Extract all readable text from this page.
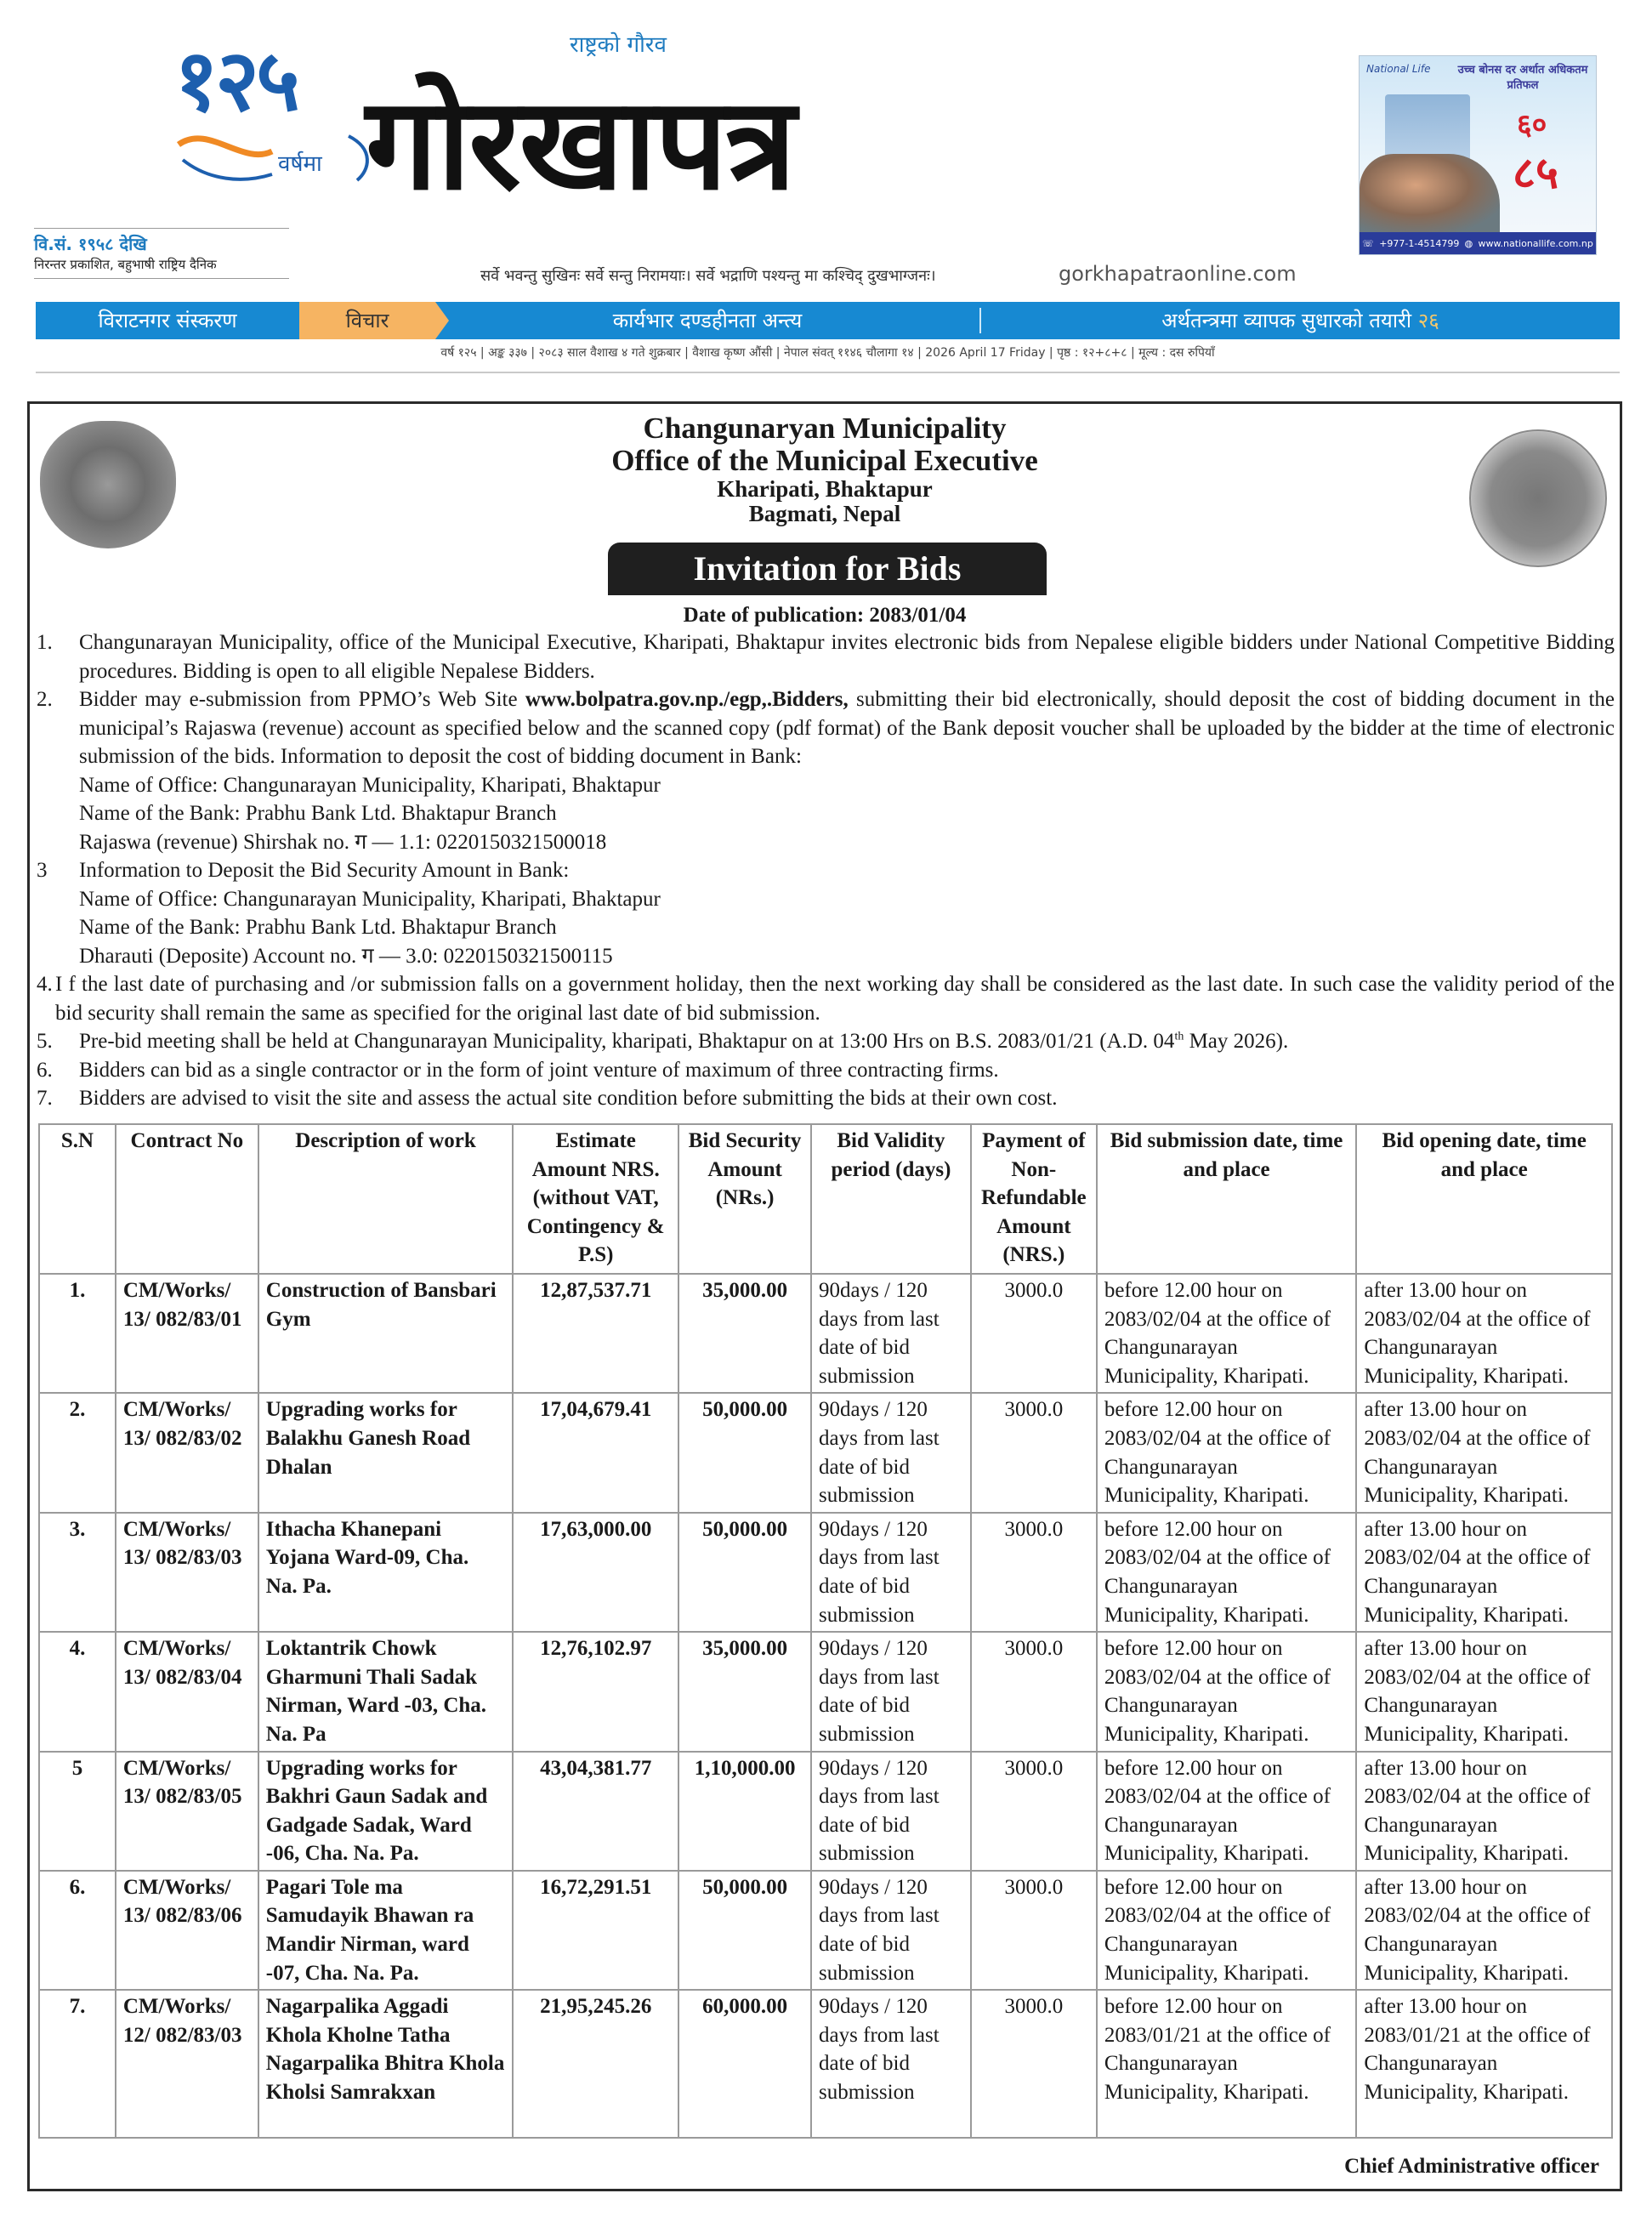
१२५
वर्षमा
वि.सं. १९५८ देखि
निरन्तर प्रकाशित, बहुभाषी राष्ट्रिय दैनिक
राष्ट्रको गौरव
गोरखापत्र
सर्वे भवन्तु सुखिनः सर्वे सन्तु निरामयाः। सर्वे भद्राणि पश्यन्तु मा कश्चिद् दुखभाग्जनः।	gorkhapatraonline.com
National Life	उच्च बोनस दर अर्थात अधिकतम प्रतिफल
६०
८५
☏ +977-1-4514799 ◍ www.nationallife.com.np
विराटनगर संस्करण	विचार	कार्यभार दण्डहीनता अन्त्य	अर्थतन्त्रमा व्यापक सुधारको तयारी २६
वर्ष १२५ | अङ्क ३३७ | २०८३ साल वैशाख ४ गते शुक्रबार | वैशाख कृष्ण औंसी | नेपाल संवत् ११४६ चौलागा १४ | 2026 April 17 Friday | पृष्ठ : १२+८+८ | मूल्य : दस रुपियाँ
Changunaryan Municipality
Office of the Municipal Executive
Kharipati, Bhaktapur
Bagmati, Nepal
Invitation for Bids
Date of publication: 2083/01/04
1.	Changunarayan Municipality, office of the Municipal Executive, Kharipati, Bhaktapur invites electronic bids from Nepalese eligible bidders under National Competitive Bidding procedures. Bidding is open to all eligible Nepalese Bidders.
2.	Bidder may e-submission from PPMO’s Web Site www.bolpatra.gov.np./egp,.Bidders, submitting their bid electronically, should deposit the cost of bidding document in the municipal’s Rajaswa (revenue) account as specified below and the scanned copy (pdf format) of the Bank deposit voucher shall be uploaded by the bidder at the time of electronic submission of the bids. Information to deposit the cost of bidding document in Bank:
Name of Office: Changunarayan Municipality, Kharipati, Bhaktapur
Name of the Bank: Prabhu Bank Ltd. Bhaktapur Branch
Rajaswa (revenue) Shirshak no. ग — 1.1: 0220150321500018
3	Information to Deposit the Bid Security Amount in Bank:
Name of Office: Changunarayan Municipality, Kharipati, Bhaktapur
Name of the Bank: Prabhu Bank Ltd. Bhaktapur Branch
Dharauti (Deposite) Account no. ग — 3.0: 0220150321500115
4. I f the last date of purchasing and /or submission falls on a government holiday, then the next working day shall be considered as the last date. In such case the validity period of the bid security shall remain the same as specified for the original last date of bid submission.
5.	Pre-bid meeting shall be held at Changunarayan Municipality, kharipati, Bhaktapur on at 13:00 Hrs on B.S. 2083/01/21 (A.D. 04th May 2026).
6.	Bidders can bid as a single contractor or in the form of joint venture of maximum of three contracting firms.
7.	Bidders are advised to visit the site and assess the actual site condition before submitting the bids at their own cost.
S.N	Contract No	Description of work	Estimate Amount NRS. (without VAT, Contingency & P.S)	Bid Security Amount (NRs.)	Bid Validity period (days)	Payment of Non-Refundable Amount (NRS.)	Bid submission date, time and place	Bid opening date, time and place
1.	CM/Works/ 13/ 082/83/01	Construction of Bansbari Gym	12,87,537.71	35,000.00	90days / 120 days from last date of bid submission	3000.0	before 12.00 hour on 2083/02/04 at the office of Changunarayan Municipality, Kharipati.	after 13.00 hour on 2083/02/04 at the office of Changunarayan Municipality, Kharipati.
2.	CM/Works/ 13/ 082/83/02	Upgrading works for Balakhu Ganesh Road Dhalan	17,04,679.41	50,000.00	90days / 120 days from last date of bid submission	3000.0	before 12.00 hour on 2083/02/04 at the office of Changunarayan Municipality, Kharipati.	after 13.00 hour on 2083/02/04 at the office of Changunarayan Municipality, Kharipati.
3.	CM/Works/ 13/ 082/83/03	Ithacha Khanepani Yojana Ward-09, Cha. Na. Pa.	17,63,000.00	50,000.00	90days / 120 days from last date of bid submission	3000.0	before 12.00 hour on 2083/02/04 at the office of Changunarayan Municipality, Kharipati.	after 13.00 hour on 2083/02/04 at the office of Changunarayan Municipality, Kharipati.
4.	CM/Works/ 13/ 082/83/04	Loktantrik Chowk Gharmuni Thali Sadak Nirman, Ward -03, Cha. Na. Pa	12,76,102.97	35,000.00	90days / 120 days from last date of bid submission	3000.0	before 12.00 hour on 2083/02/04 at the office of Changunarayan Municipality, Kharipati.	after 13.00 hour on 2083/02/04 at the office of Changunarayan Municipality, Kharipati.
5	CM/Works/ 13/ 082/83/05	Upgrading works for Bakhri Gaun Sadak and Gadgade Sadak, Ward -06, Cha. Na. Pa.	43,04,381.77	1,10,000.00	90days / 120 days from last date of bid submission	3000.0	before 12.00 hour on 2083/02/04 at the office of Changunarayan Municipality, Kharipati.	after 13.00 hour on 2083/02/04 at the office of Changunarayan Municipality, Kharipati.
6.	CM/Works/ 13/ 082/83/06	Pagari Tole ma Samudayik Bhawan ra Mandir Nirman, ward -07, Cha. Na. Pa.	16,72,291.51	50,000.00	90days / 120 days from last date of bid submission	3000.0	before 12.00 hour on 2083/02/04 at the office of Changunarayan Municipality, Kharipati.	after 13.00 hour on 2083/02/04 at the office of Changunarayan Municipality, Kharipati.
7.	CM/Works/ 12/ 082/83/03	Nagarpalika Aggadi Khola Kholne Tatha Nagarpalika Bhitra Khola Kholsi Samrakxan	21,95,245.26	60,000.00	90days / 120 days from last date of bid submission	3000.0	before 12.00 hour on 2083/01/21 at the office of Changunarayan Municipality, Kharipati.	after 13.00 hour on 2083/01/21 at the office of Changunarayan Municipality, Kharipati.
Chief Administrative officer
